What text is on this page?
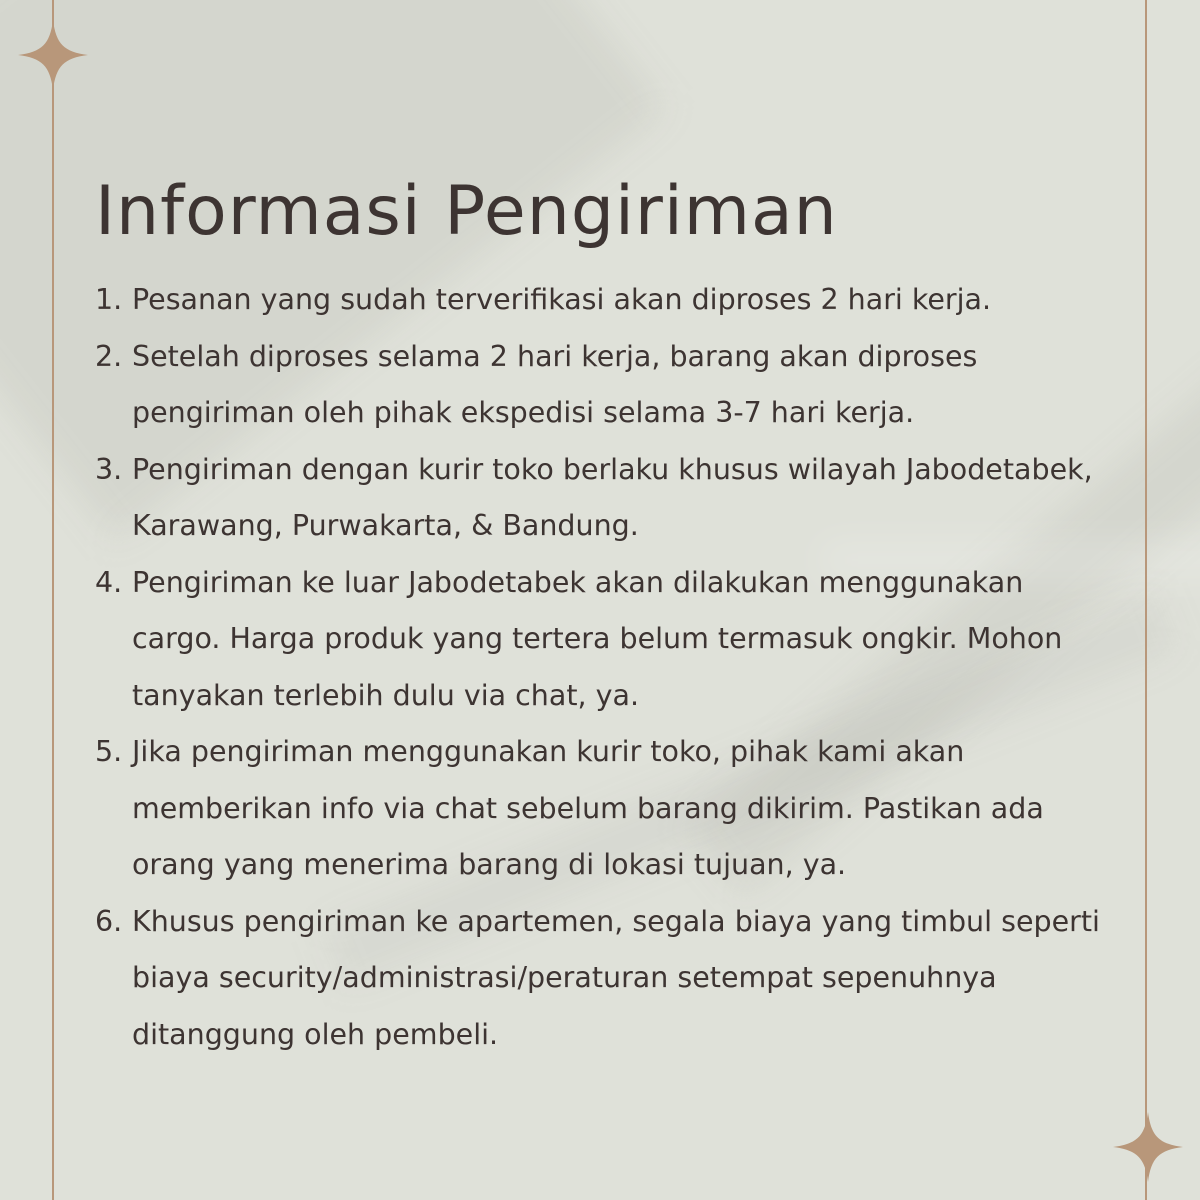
Informasi Pengiriman
1. Pesanan yang sudah terverifikasi akan diproses 2 hari kerja.
2. Setelah diproses selama 2 hari kerja, barang akan diproses pengiriman oleh pihak ekspedisi selama 3-7 hari kerja.
3. Pengiriman dengan kurir toko berlaku khusus wilayah Jabodetabek, Karawang, Purwakarta, & Bandung.
4. Pengiriman ke luar Jabodetabek akan dilakukan menggunakan cargo. Harga produk yang tertera belum termasuk ongkir. Mohon tanyakan terlebih dulu via chat, ya.
5. Jika pengiriman menggunakan kurir toko, pihak kami akan memberikan info via chat sebelum barang dikirim. Pastikan ada orang yang menerima barang di lokasi tujuan, ya.
6. Khusus pengiriman ke apartemen, segala biaya yang timbul seperti biaya security/administrasi/peraturan setempat sepenuhnya ditanggung oleh pembeli.
